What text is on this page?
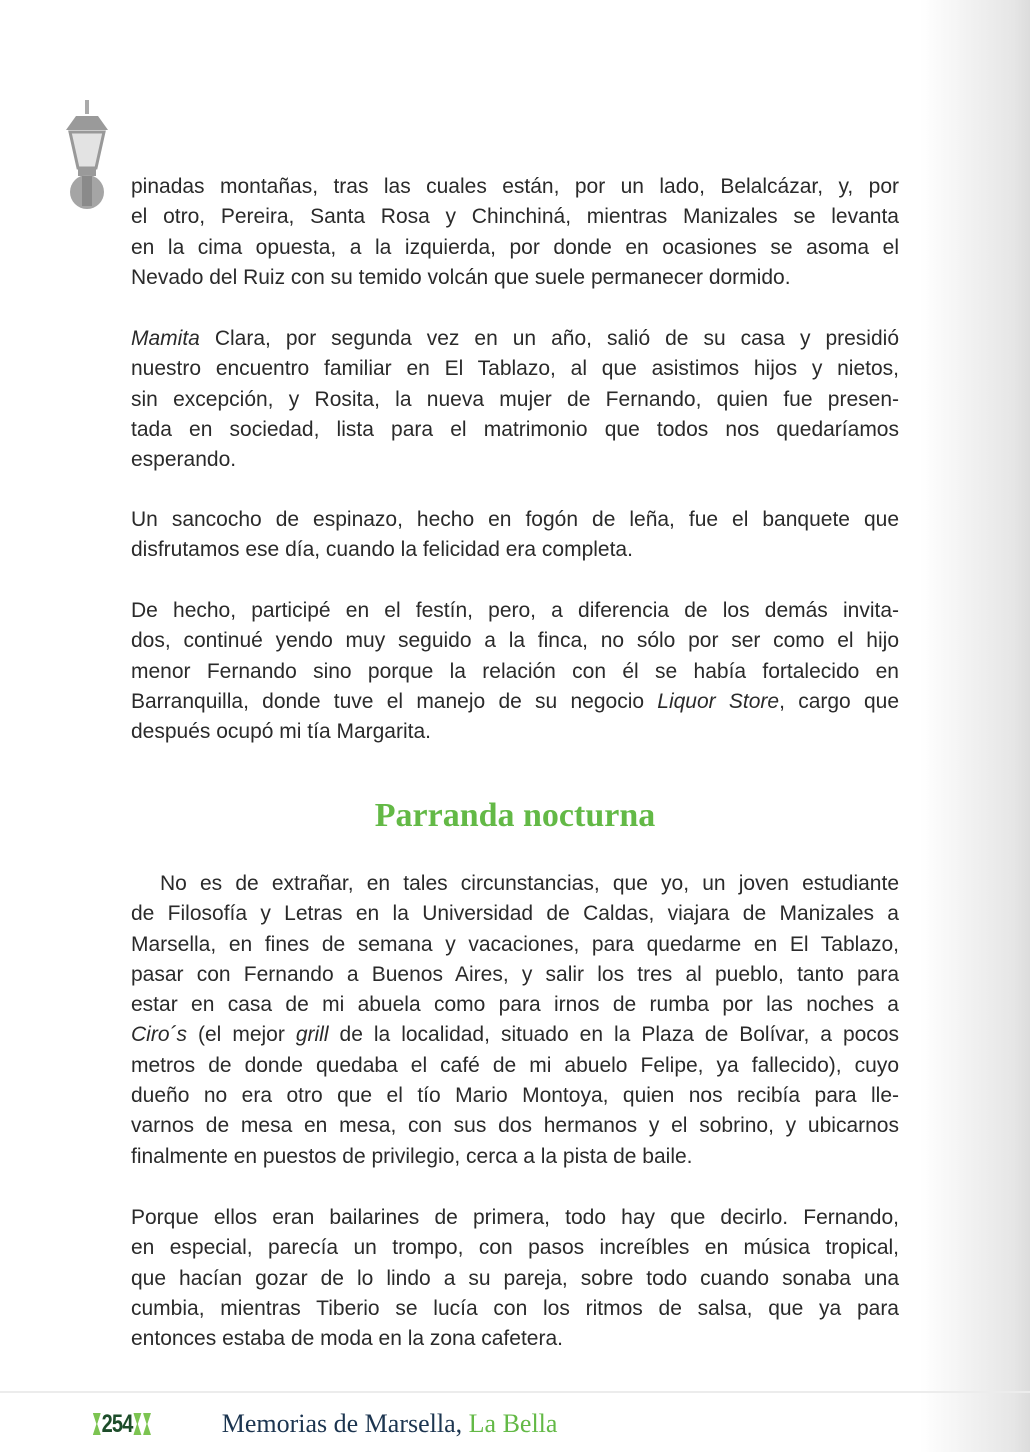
pinadas montañas, tras las cuales están, por un lado, Belalcázar, y, por
el otro, Pereira, Santa Rosa y Chinchiná, mientras Manizales se levanta
en la cima opuesta, a la izquierda, por donde en ocasiones se asoma el
Nevado del Ruiz con su temido volcán que suele permanecer dormido.
Mamita Clara, por segunda vez en un año, salió de su casa y presidió
nuestro encuentro familiar en El Tablazo, al que asistimos hijos y nietos,
sin excepción, y Rosita, la nueva mujer de Fernando, quien fue presen-
tada en sociedad, lista para el matrimonio que todos nos quedaríamos
esperando.
Un sancocho de espinazo, hecho en fogón de leña, fue el banquete que
disfrutamos ese día, cuando la felicidad era completa.
De hecho, participé en el festín, pero, a diferencia de los demás invita-
dos, continué yendo muy seguido a la finca, no sólo por ser como el hijo
menor Fernando sino porque la relación con él se había fortalecido en
Barranquilla, donde tuve el manejo de su negocio Liquor Store, cargo que
después ocupó mi tía Margarita.
No es de extrañar, en tales circunstancias, que yo, un joven estudiante
de Filosofía y Letras en la Universidad de Caldas, viajara de Manizales a
Marsella, en fines de semana y vacaciones, para quedarme en El Tablazo,
pasar con Fernando a Buenos Aires, y salir los tres al pueblo, tanto para
estar en casa de mi abuela como para irnos de rumba por las noches a
Ciro´s (el mejor grill de la localidad, situado en la Plaza de Bolívar, a pocos
metros de donde quedaba el café de mi abuelo Felipe, ya fallecido), cuyo
dueño no era otro que el tío Mario Montoya, quien nos recibía para lle-
varnos de mesa en mesa, con sus dos hermanos y el sobrino, y ubicarnos
finalmente en puestos de privilegio, cerca a la pista de baile.
Porque ellos eran bailarines de primera, todo hay que decirlo. Fernando,
en especial, parecía un trompo, con pasos increíbles en música tropical,
que hacían gozar de lo lindo a su pareja, sobre todo cuando sonaba una
cumbia, mientras Tiberio se lucía con los ritmos de salsa, que ya para
entonces estaba de moda en la zona cafetera.
Parranda nocturna
254	Memorias de Marsella, La Bella
